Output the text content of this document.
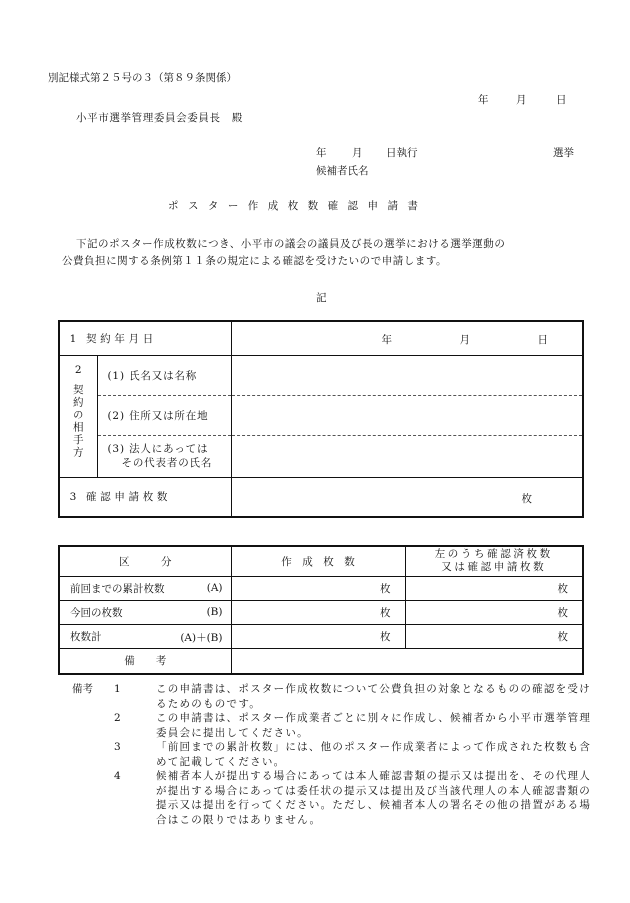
別記様式第２５号の３（第８９条関係）
年	月	日
小平市選挙管理委員会委員長　殿
年 月 日執行	選挙
候補者氏名
ポスター作成枚数確認申請書
下記のポスター作成枚数につき、小平市の議会の議員及び長の選挙における選挙運動の
公費負担に関する条例第１１条の規定による確認を受けたいので申請します。
記
1 契約年月日		年 月 日

2
契約の相手方	(1) 氏名又は名称	
	(2) 住所又は所在地	

	(3) 法人にあっては
その代表者の氏名	

3 確認申請枚数		枚
区　　　分	作　成　枚　数	左のうち確認済枚数
又は確認申請枚数

前回までの累計枚数 (A)	枚	枚
今回の枚数 (B)	枚	枚
枚数計 (A)＋(B)	枚	枚
備　　考		
備考 1	この申請書は、ポスター作成枚数について公費負担の対象となるものの確認を受けるためのものです。
2	この申請書は、ポスター作成業者ごとに別々に作成し、候補者から小平市選挙管理委員会に提出してください。
3	「前回までの累計枚数」には、他のポスター作成業者によって作成された枚数も含めて記載してください。
4	候補者本人が提出する場合にあっては本人確認書類の提示又は提出を、その代理人が提出する場合にあっては委任状の提示又は提出及び当該代理人の本人確認書類の提示又は提出を行ってください。ただし、候補者本人の署名その他の措置がある場合はこの限りではありません。
